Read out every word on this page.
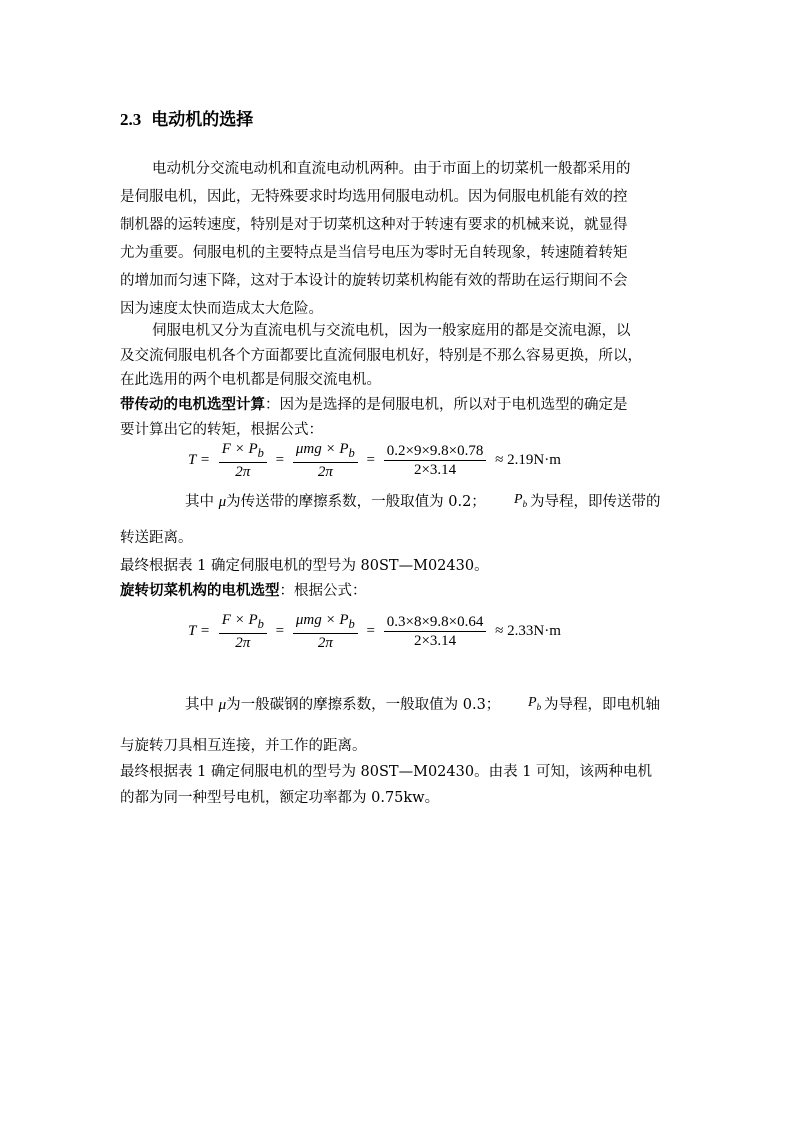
2.3 电动机的选择
电动机分交流电动机和直流电动机两种。由于市面上的切菜机一般都采用的
是伺服电机，因此，无特殊要求时均选用伺服电动机。因为伺服电机能有效的控
制机器的运转速度，特别是对于切菜机这种对于转速有要求的机械来说，就显得
尤为重要。伺服电机的主要特点是当信号电压为零时无自转现象，转速随着转矩
的增加而匀速下降，这对于本设计的旋转切菜机构能有效的帮助在运行期间不会
因为速度太快而造成太大危险。
伺服电机又分为直流电机与交流电机，因为一般家庭用的都是交流电源，以
及交流伺服电机各个方面都要比直流伺服电机好，特别是不那么容易更换，所以，
在此选用的两个电机都是伺服交流电机。
带传动的电机选型计算：因为是选择的是伺服电机，所以对于电机选型的确定是
要计算出它的转矩，根据公式：
$T = \frac{F \times P_b}{2\pi} = \frac{\mu mg \times P_b}{2\pi} = \frac{0.2\times 9\times 9.8\times 0.78}{2\times 3.14} \approx 2.19N\cdot m$
其中 μ为传送带的摩擦系数，一般取值为 0.2； $P_b$ 为导程，即传送带的
转送距离。
最终根据表 1 确定伺服电机的型号为 80ST—M02430。
旋转切菜机构的电机选型：根据公式：
$T = \frac{F \times P_b}{2\pi} = \frac{\mu mg \times P_b}{2\pi} = \frac{0.3\times 8\times 9.8\times 0.64}{2\times 3.14} \approx 2.33N\cdot m$
其中 μ为一般碳钢的摩擦系数，一般取值为 0.3； $P_b$ 为导程，即电机轴
与旋转刀具相互连接，并工作的距离。
最终根据表 1 确定伺服电机的型号为 80ST—M02430。由表 1 可知，该两种电机
的都为同一种型号电机，额定功率都为 0.75kw。
